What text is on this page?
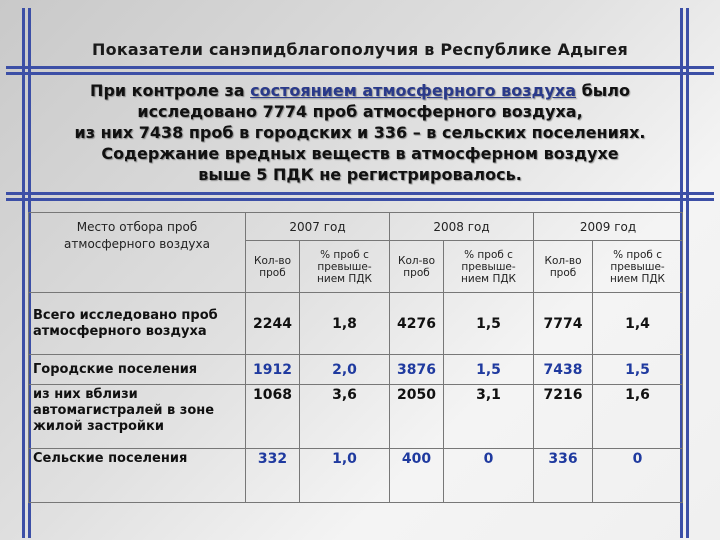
Показатели санэпидблагополучия в Республике Адыгея
При контроле за состоянием атмосферного воздуха было
исследовано 7774 проб атмосферного воздуха,
из них 7438 проб в городских и 336 – в сельских поселениях.
Содержание вредных веществ в атмосферном воздухе
выше 5 ПДК не регистрировалось.
Место отбора проб атмосферного воздуха	2007 год		2008 год		2009 год	
	Кол-во проб	% проб с превыше-нием ПДК	Кол-во проб	% проб с превыше-нием ПДК	Кол-во проб	% проб с превыше-нием ПДК
Всего исследовано проб атмосферного воздуха	2244	1,8	4276	1,5	7774	1,4
Городские поселения	1912	2,0	3876	1,5	7438	1,5
из них вблизи автомагистралей в зоне жилой застройки	1068	3,6	2050	3,1	7216	1,6
Сельские поселения	332	1,0	400	0	336	0
